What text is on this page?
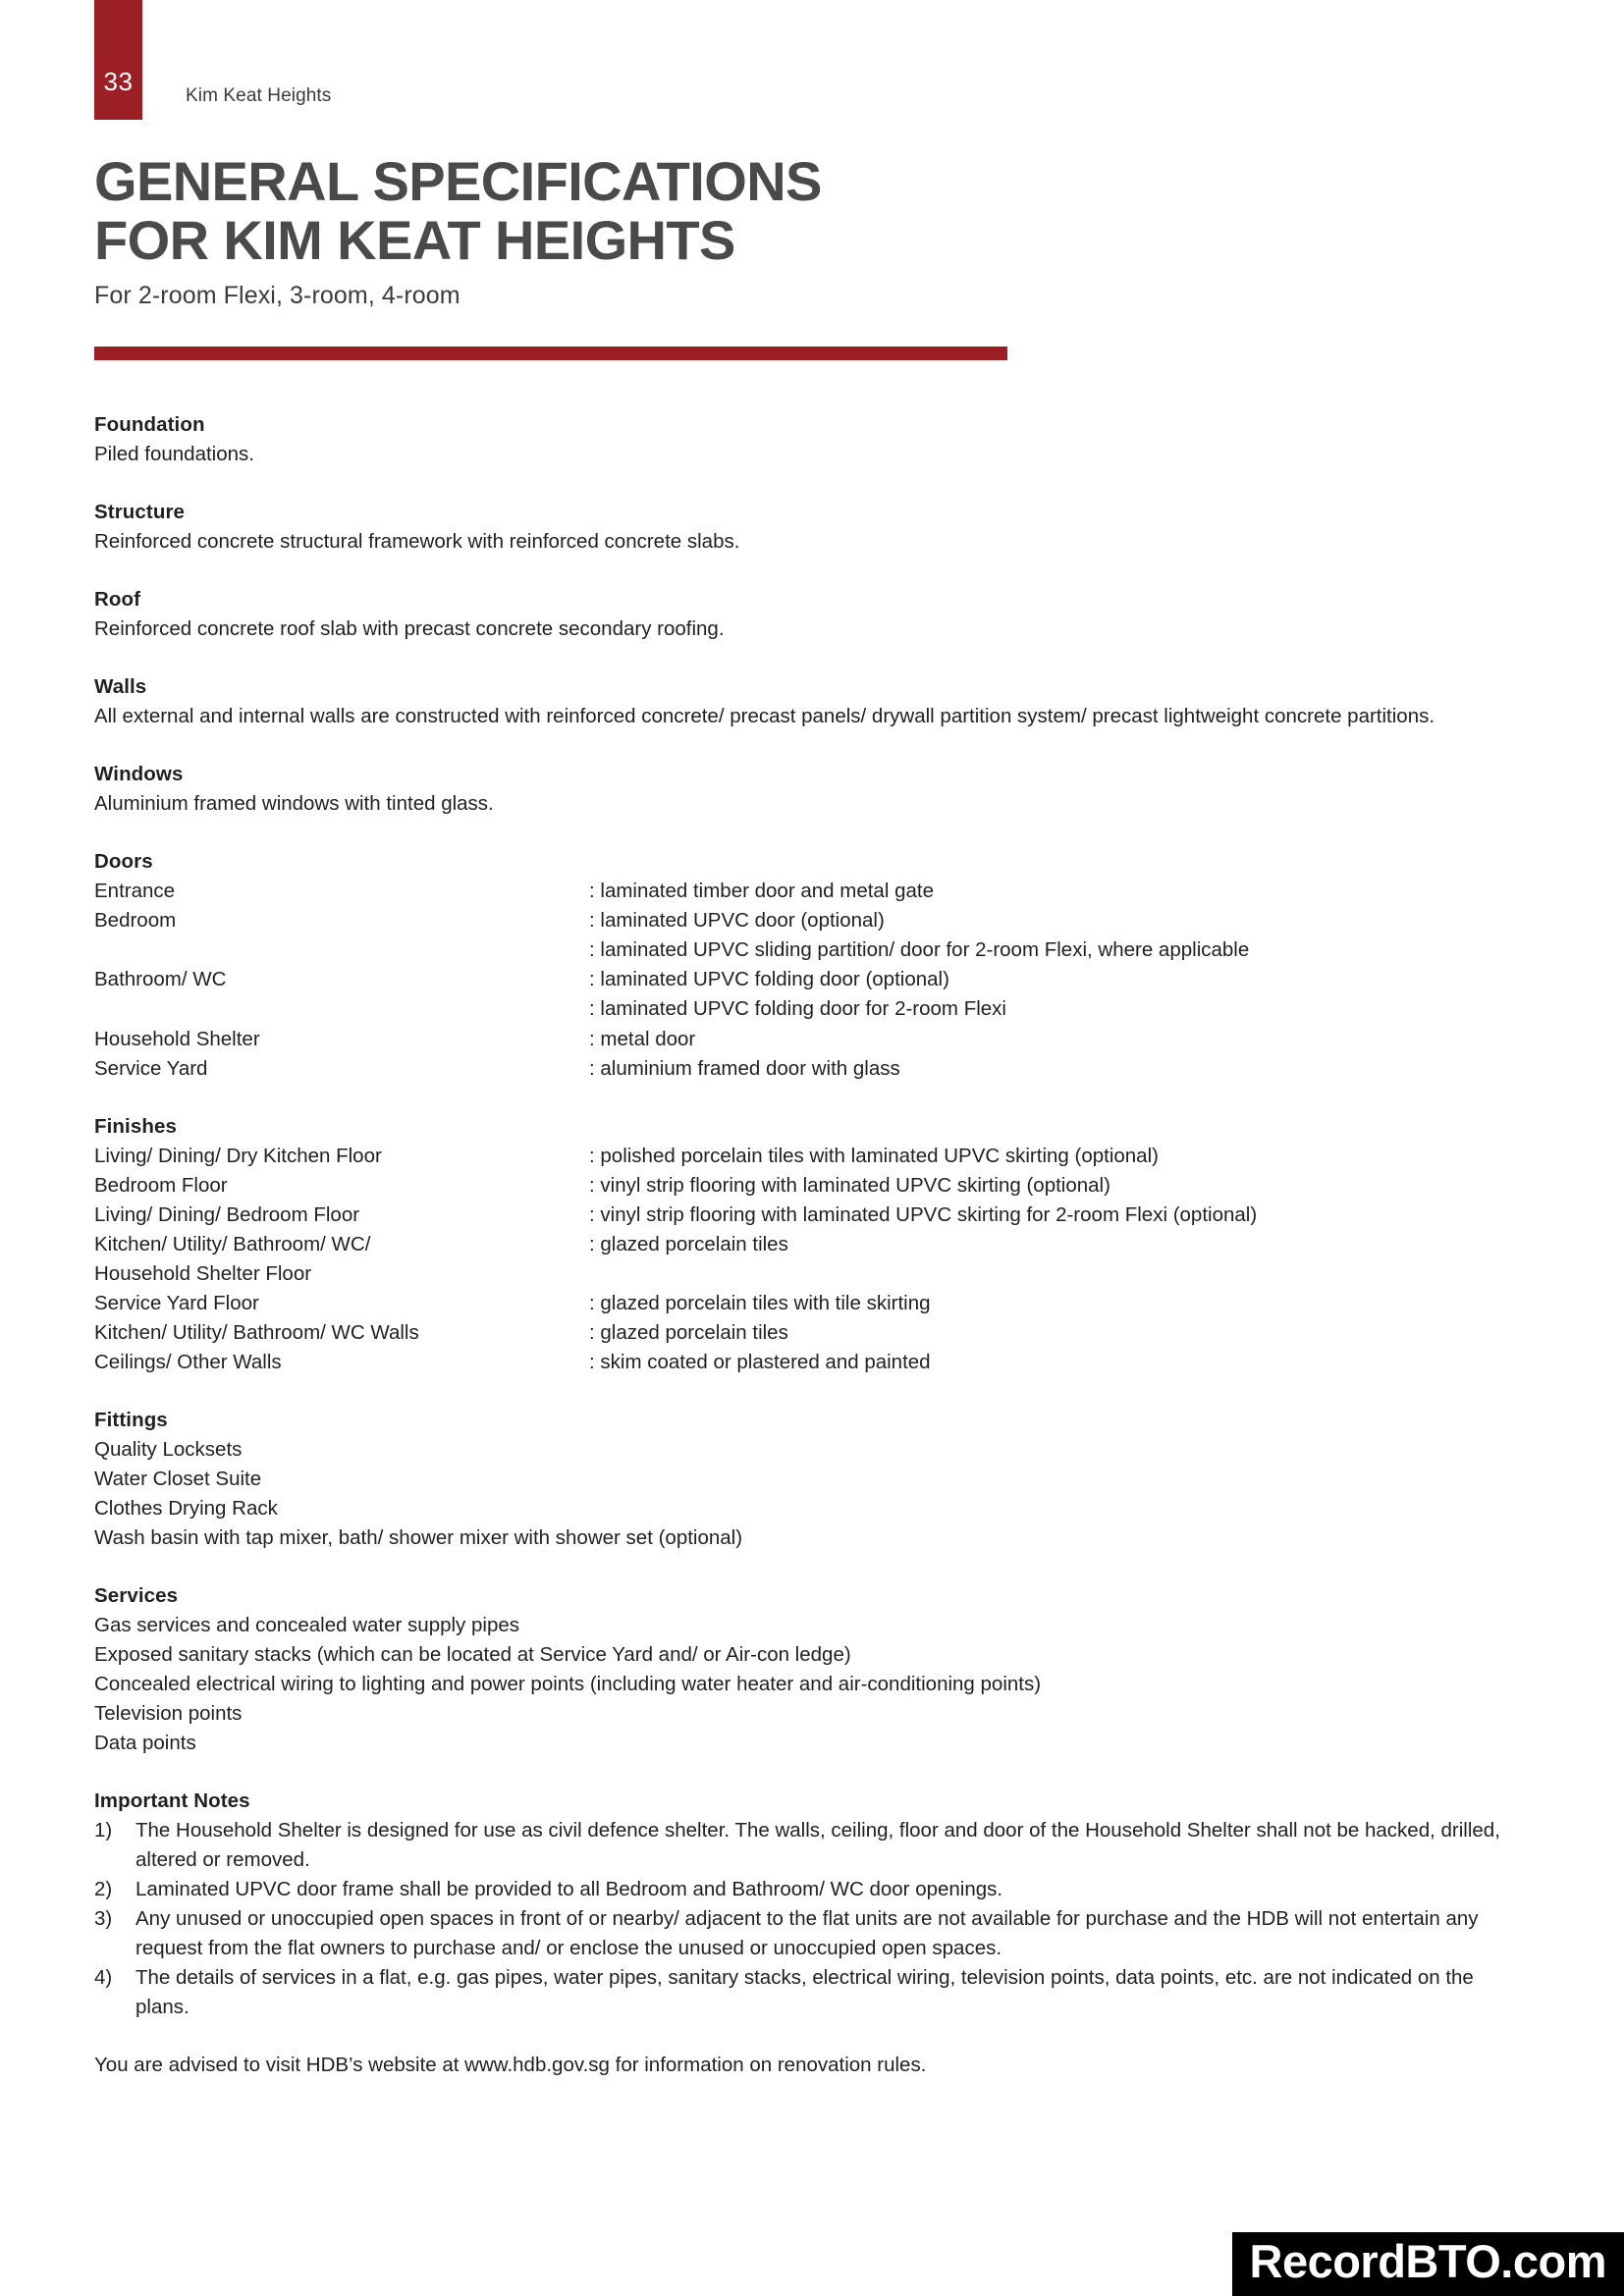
33	Kim Keat Heights
GENERAL SPECIFICATIONS
FOR KIM KEAT HEIGHTS
For 2-room Flexi, 3-room, 4-room
Foundation
Piled foundations.
Structure
Reinforced concrete structural framework with reinforced concrete slabs.
Roof
Reinforced concrete roof slab with precast concrete secondary roofing.
Walls
All external and internal walls are constructed with reinforced concrete/ precast panels/ drywall partition system/ precast lightweight concrete partitions.
Windows
Aluminium framed windows with tinted glass.
Doors
Entrance	: laminated timber door and metal gate
Bedroom	: laminated UPVC door (optional)
: laminated UPVC sliding partition/ door for 2-room Flexi, where applicable
Bathroom/ WC	: laminated UPVC folding door (optional)
: laminated UPVC folding door for 2-room Flexi
Household Shelter	: metal door
Service Yard	: aluminium framed door with glass
Finishes
Living/ Dining/ Dry Kitchen Floor	: polished porcelain tiles with laminated UPVC skirting (optional)
Bedroom Floor	: vinyl strip flooring with laminated UPVC skirting (optional)
Living/ Dining/ Bedroom Floor	: vinyl strip flooring with laminated UPVC skirting for 2-room Flexi (optional)
Kitchen/ Utility/ Bathroom/ WC/	: glazed porcelain tiles
Household Shelter Floor
Service Yard Floor	: glazed porcelain tiles with tile skirting
Kitchen/ Utility/ Bathroom/ WC Walls	: glazed porcelain tiles
Ceilings/ Other Walls	: skim coated or plastered and painted
Fittings
Quality Locksets
Water Closet Suite
Clothes Drying Rack
Wash basin with tap mixer, bath/ shower mixer with shower set (optional)
Services
Gas services and concealed water supply pipes
Exposed sanitary stacks (which can be located at Service Yard and/ or Air-con ledge)
Concealed electrical wiring to lighting and power points (including water heater and air-conditioning points)
Television points
Data points
Important Notes
1)	The Household Shelter is designed for use as civil defence shelter. The walls, ceiling, floor and door of the Household Shelter shall not be hacked, drilled, altered or removed.
2)	Laminated UPVC door frame shall be provided to all Bedroom and Bathroom/ WC door openings.
3)	Any unused or unoccupied open spaces in front of or nearby/ adjacent to the flat units are not available for purchase and the HDB will not entertain any request from the flat owners to purchase and/ or enclose the unused or unoccupied open spaces.
4)	The details of services in a flat, e.g. gas pipes, water pipes, sanitary stacks, electrical wiring, television points, data points, etc. are not indicated on the plans.
You are advised to visit HDB’s website at www.hdb.gov.sg for information on renovation rules.
RecordBTO.com
